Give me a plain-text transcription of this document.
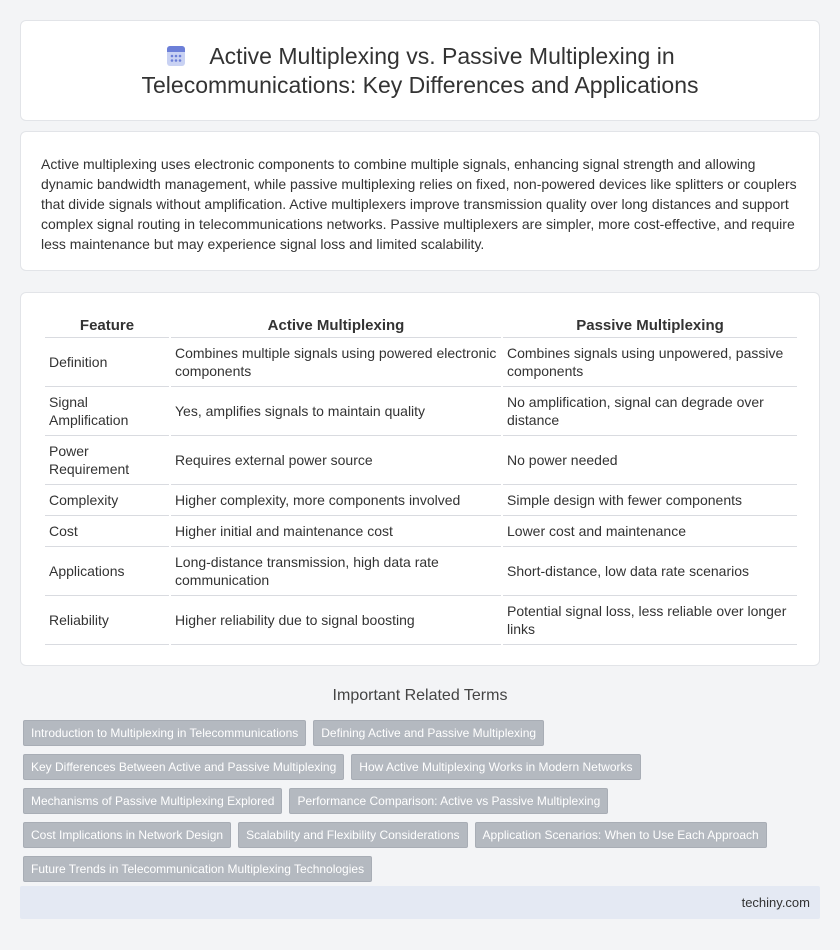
Active Multiplexing vs. Passive Multiplexing in Telecommunications: Key Differences and Applications

Active multiplexing uses electronic components to combine multiple signals, enhancing signal strength and allowing dynamic bandwidth management, while passive multiplexing relies on fixed, non-powered devices like splitters or couplers that divide signals without amplification. Active multiplexers improve transmission quality over long distances and support complex signal routing in telecommunications networks. Passive multiplexers are simpler, more cost-effective, and require less maintenance but may experience signal loss and limited scalability.

Feature	Active Multiplexing	Passive Multiplexing
Definition	Combines multiple signals using powered electronic components	Combines signals using unpowered, passive components
Signal Amplification	Yes, amplifies signals to maintain quality	No amplification, signal can degrade over distance
Power Requirement	Requires external power source	No power needed
Complexity	Higher complexity, more components involved	Simple design with fewer components
Cost	Higher initial and maintenance cost	Lower cost and maintenance
Applications	Long-distance transmission, high data rate communication	Short-distance, low data rate scenarios
Reliability	Higher reliability due to signal boosting	Potential signal loss, less reliable over longer links
Important Related Terms
Introduction to Multiplexing in Telecommunications	Defining Active and Passive Multiplexing
Key Differences Between Active and Passive Multiplexing	How Active Multiplexing Works in Modern Networks
Mechanisms of Passive Multiplexing Explored	Performance Comparison: Active vs Passive Multiplexing
Cost Implications in Network Design	Scalability and Flexibility Considerations	Application Scenarios: When to Use Each Approach
Future Trends in Telecommunication Multiplexing Technologies
techiny.com
